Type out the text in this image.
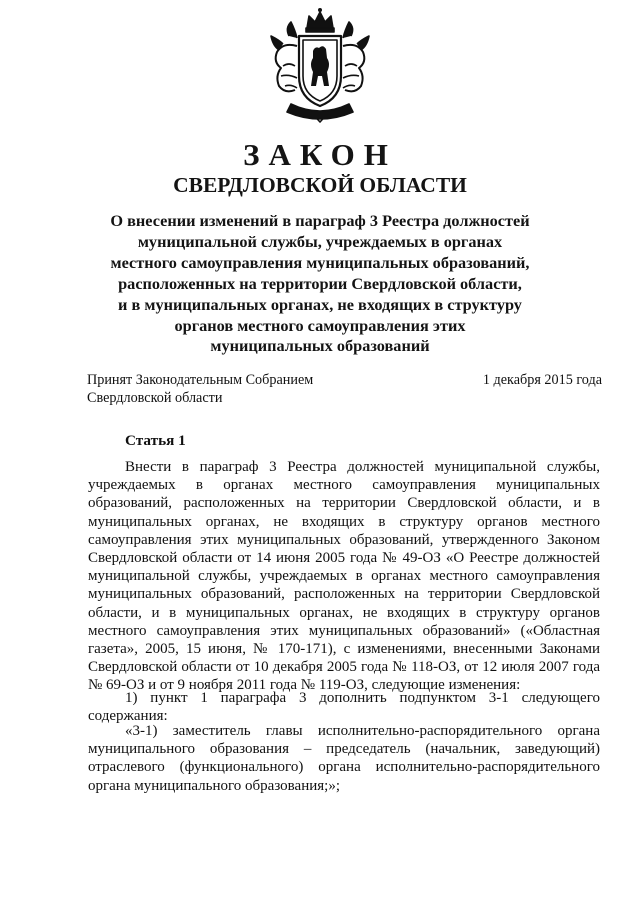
ЗАКОН
СВЕРДЛОВСКОЙ ОБЛАСТИ
О внесении изменений в параграф 3 Реестра должностей
муниципальной службы, учреждаемых в органах
местного самоуправления муниципальных образований,
расположенных на территории Свердловской области,
и в муниципальных органах, не входящих в структуру
органов местного самоуправления этих
муниципальных образований
Принят Законодательным Собранием
Свердловской области
1 декабря 2015 года
Статья 1

Внести в параграф 3 Реестра должностей муниципальной службы, учреждаемых в органах местного самоуправления муниципальных образований, расположенных на территории Свердловской области, и в муниципальных органах, не входящих в структуру органов местного самоуправления этих муниципальных образований, утвержденного Законом Свердловской области от 14 июня 2005 года № 49-ОЗ «О Реестре должностей муниципальной службы, учреждаемых в органах местного самоуправления муниципальных образований, расположенных на территории Свердловской области, и в муниципальных органах, не входящих в структуру органов местного самоуправления этих муниципальных образований» («Областная газета», 2005, 15 июня, № 170-171), с изменениями, внесенными Законами Свердловской области от 10 декабря 2005 года № 118-ОЗ, от 12 июля 2007 года № 69-ОЗ и от 9 ноября 2011 года № 119-ОЗ, следующие изменения:

1) пункт 1 параграфа 3 дополнить подпунктом 3-1 следующего содержания:

«3-1) заместитель главы исполнительно-распорядительного органа муниципального образования – председатель (начальник, заведующий) отраслевого (функционального) органа исполнительно-распорядительного органа муниципального образования;»;
